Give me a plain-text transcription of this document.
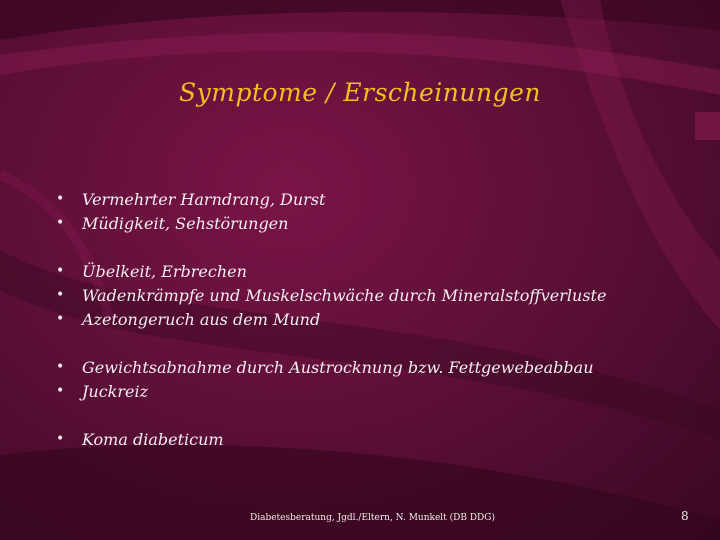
Symptome / Erscheinungen
•	Vermehrter Harndrang, Durst
•	Müdigkeit, Sehstörungen
•	Übelkeit, Erbrechen
•	Wadenkrämpfe und Muskelschwäche durch Mineralstoffverluste
•	Azetongeruch aus dem Mund
•	Gewichtsabnahme durch Austrocknung bzw. Fettgewebeabbau
•	Juckreiz
•	Koma diabeticum
Diabetesberatung, Jgdl./Eltern, N. Munkelt (DB DDG)	8
